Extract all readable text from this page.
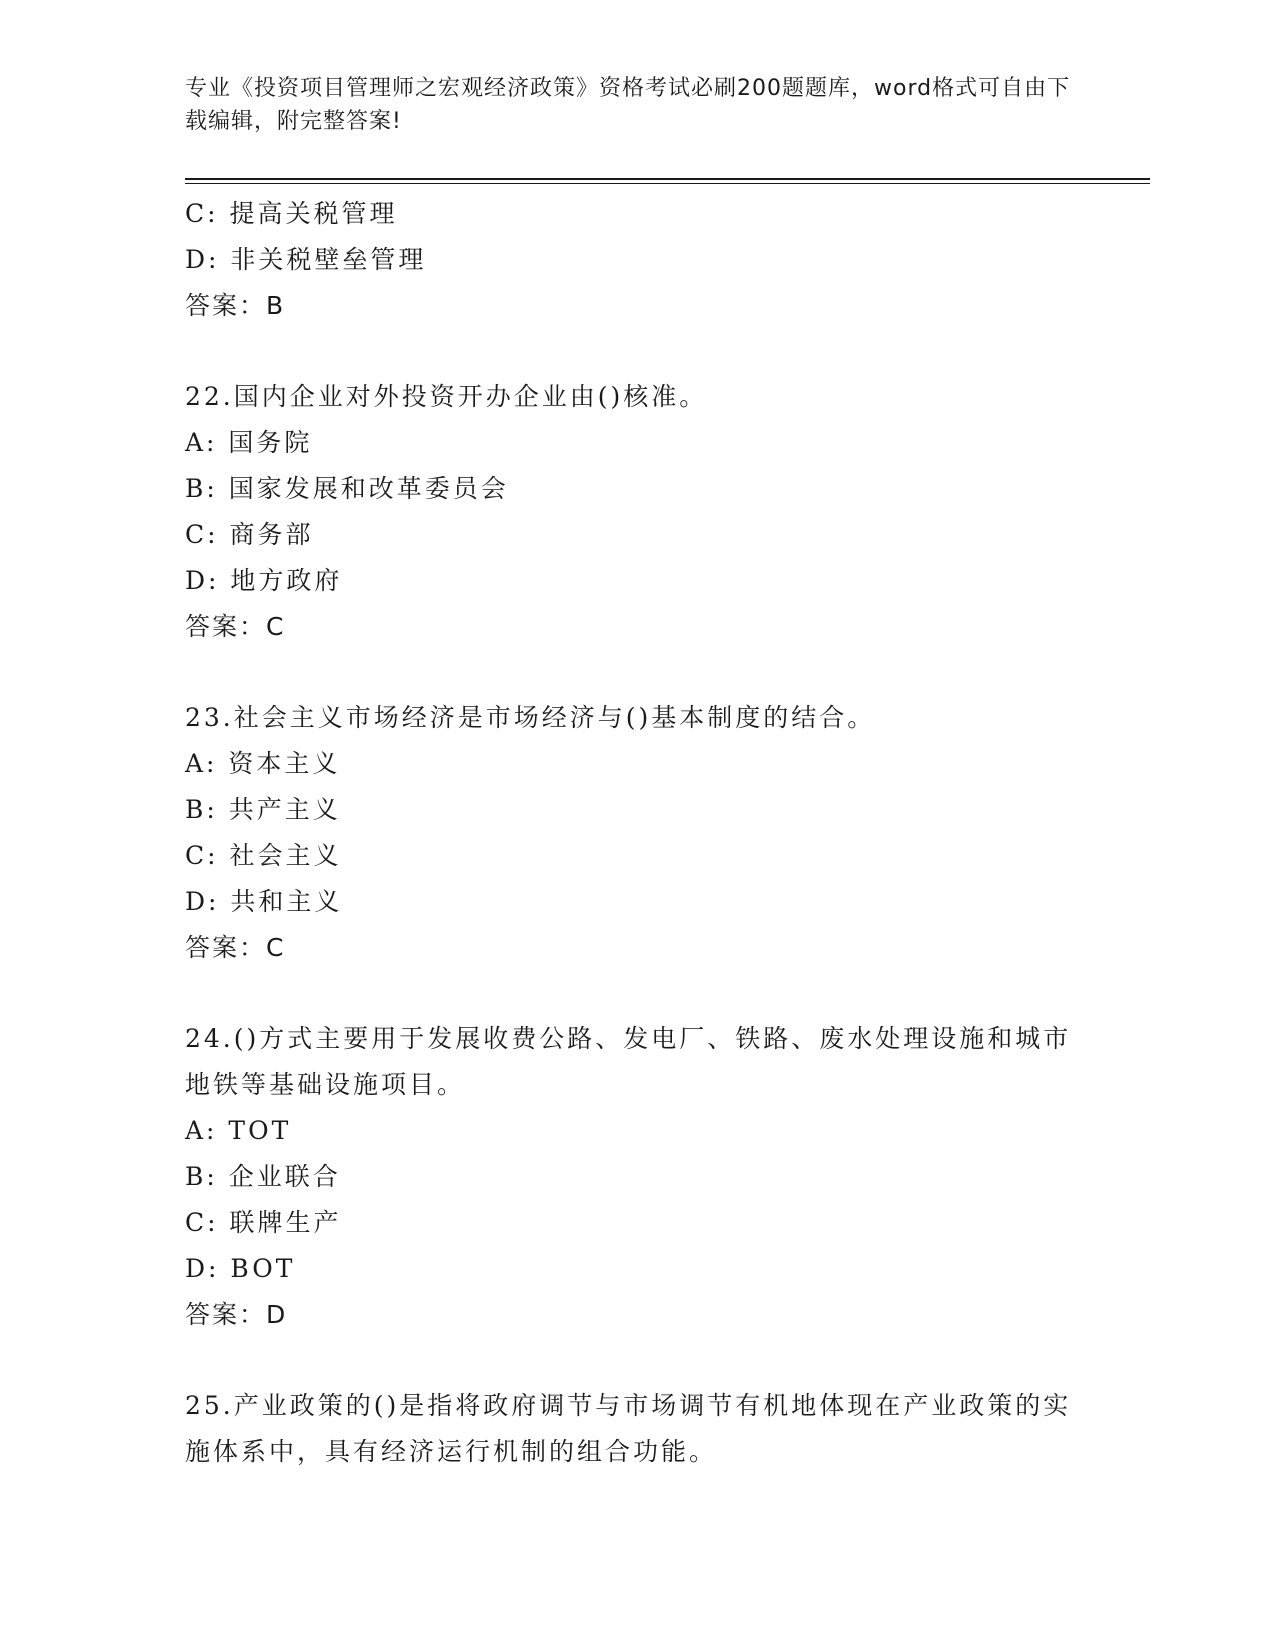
专业《投资项目管理师之宏观经济政策》资格考试必刷200题题库，word格式可自由下载编辑，附完整答案!
C: 提高关税管理
D: 非关税壁垒管理
答案：B
22.国内企业对外投资开办企业由()核准。
A: 国务院
B: 国家发展和改革委员会
C: 商务部
D: 地方政府
答案：C
23.社会主义市场经济是市场经济与()基本制度的结合。
A: 资本主义
B: 共产主义
C: 社会主义
D: 共和主义
答案：C
24.()方式主要用于发展收费公路、发电厂、铁路、废水处理设施和城市地铁等基础设施项目。
A: TOT
B: 企业联合
C: 联牌生产
D: BOT
答案：D
25.产业政策的()是指将政府调节与市场调节有机地体现在产业政策的实施体系中，具有经济运行机制的组合功能。
